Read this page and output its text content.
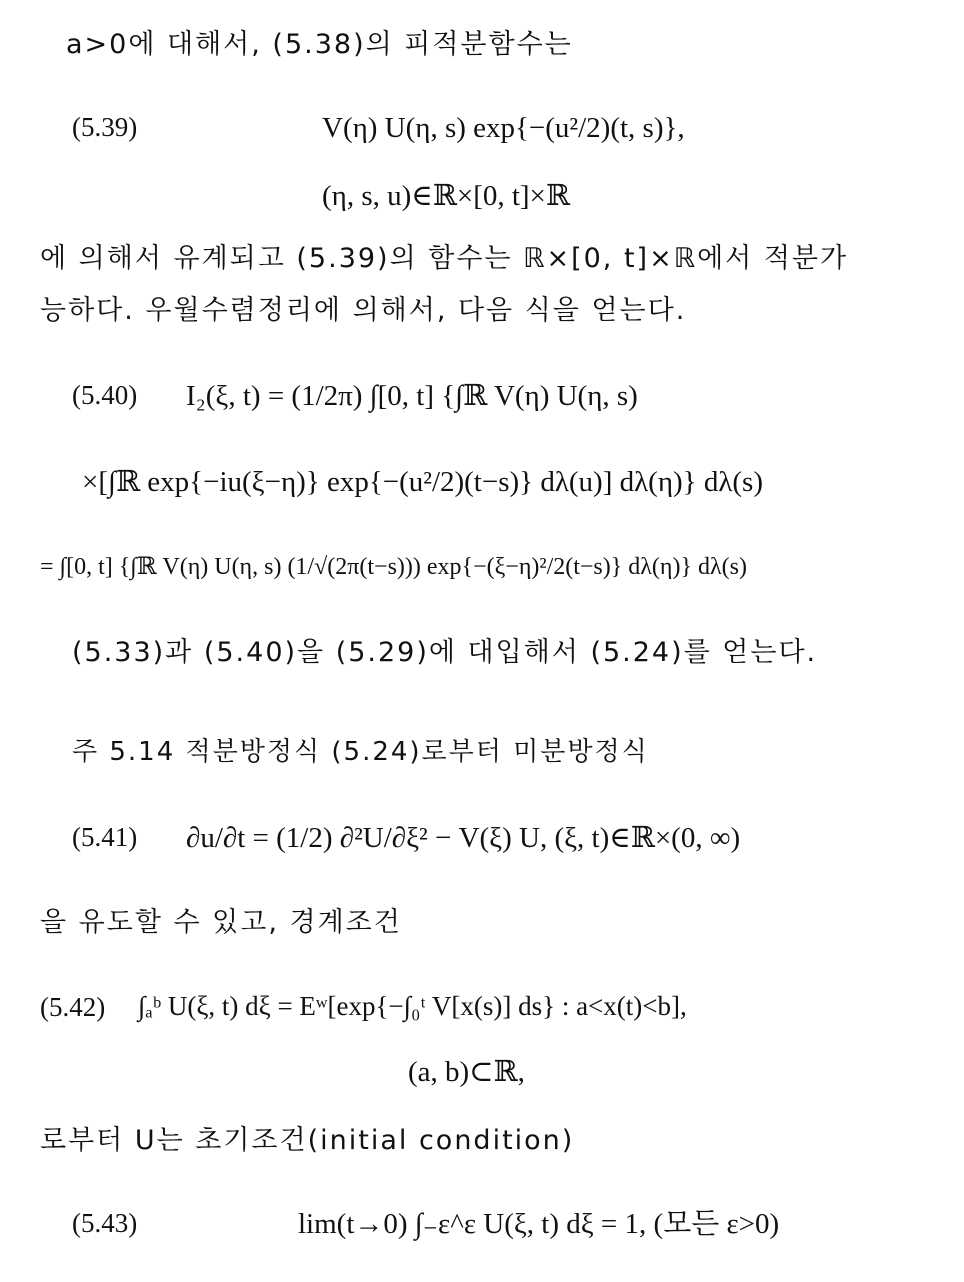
a>0에 대해서, (5.38)의 피적분함수는
(5.39)	V(η) U(η, s) exp{−(u²/2)(t, s)},
(η, s, u)∈ℝ×[0, t]×ℝ
에 의해서 유계되고 (5.39)의 함수는 ℝ×[0, t]×ℝ에서 적분가
능하다. 우월수렴정리에 의해서, 다음 식을 얻는다.
(5.40) I₂(ξ, t) = (1/2π) ∫[0, t] {∫ℝ V(η) U(η, s)
×[∫ℝ exp{−iu(ξ−η)} exp{−(u²/2)(t−s)} dλ(u)] dλ(η)} dλ(s)
= ∫[0, t] {∫ℝ V(η) U(η, s) (1/√(2π(t−s))) exp{−(ξ−η)²/2(t−s)} dλ(η)} dλ(s)
(5.33)과 (5.40)을 (5.29)에 대입해서 (5.24)를 얻는다.
주 5.14 적분방정식 (5.24)로부터 미분방정식
(5.41) ∂u/∂t = (1/2) ∂²U/∂ξ² − V(ξ) U, (ξ, t)∈ℝ×(0, ∞)
을 유도할 수 있고, 경계조건
(5.42) ∫ₐᵇ U(ξ, t) dξ = Eʷ[exp{−∫₀ᵗ V[x(s)] ds} : a<x(t)<b],
(a, b)⊂ℝ,
로부터 U는 초기조건(initial condition)
(5.43)	lim(t→0) ∫₋ε^ε U(ξ, t) dξ = 1, (모든 ε>0)
